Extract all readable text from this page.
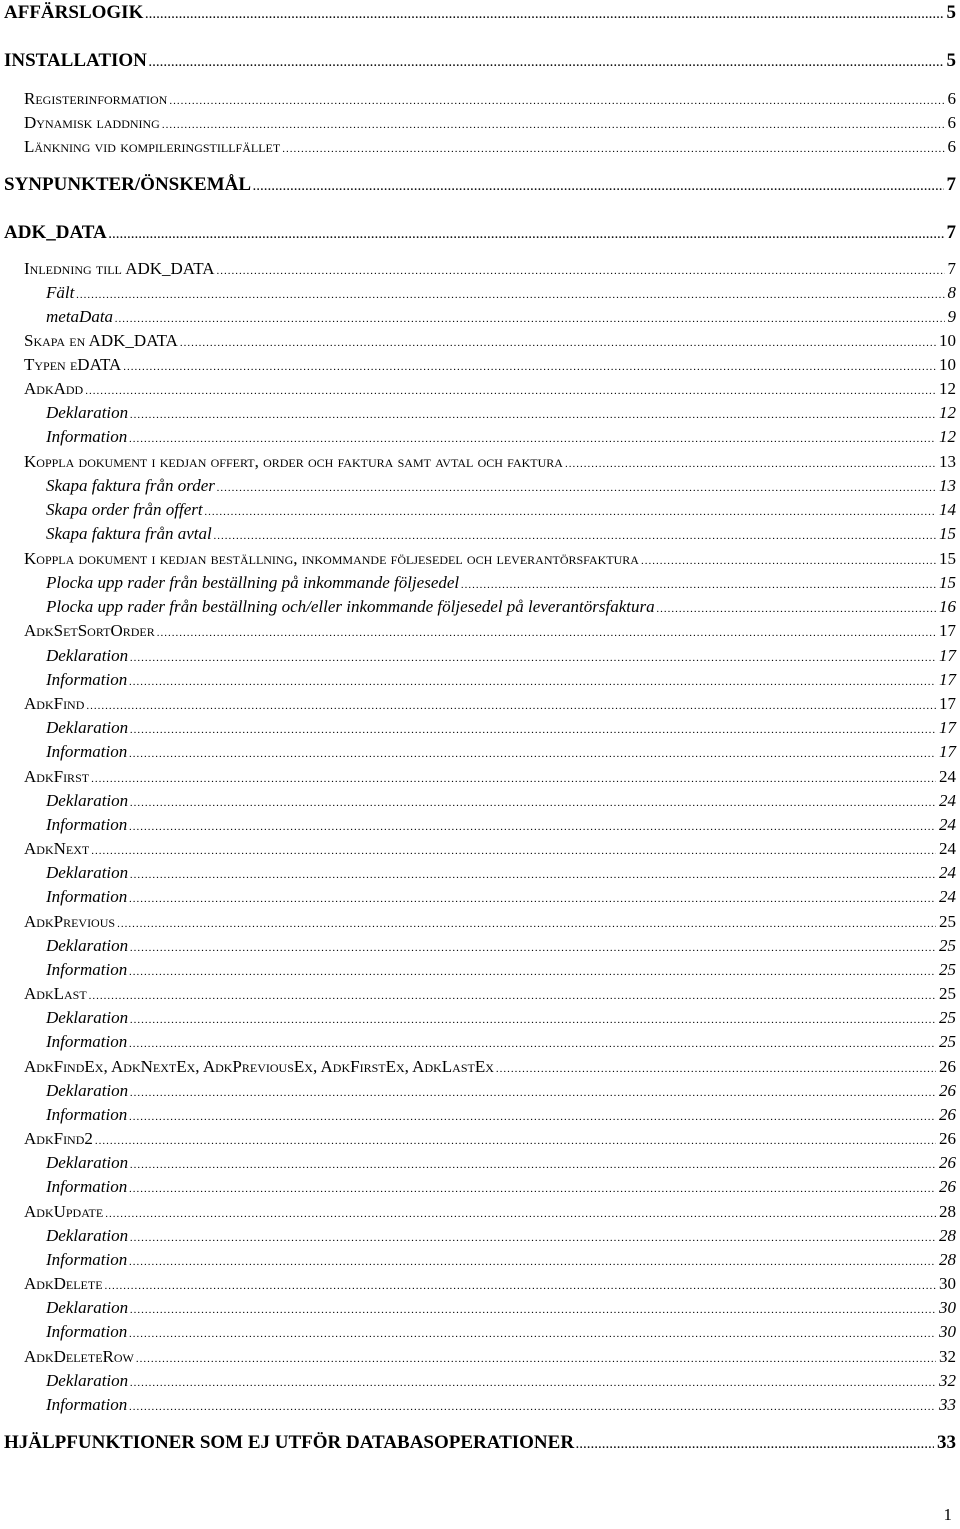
AFFÄRSLOGIK .....	5
INSTALLATION .....	5
Registerinformation .....	6
Dynamisk laddning .....	6
Länkning vid kompileringstillfället .....	6
SYNPUNKTER/ÖNSKEMÅL .....	7
ADK_DATA .....	7
Inledning till ADK_DATA .....	7
Fält .....	8
metaData .....	9
Skapa en ADK_DATA .....	10
Typen eDATA .....	10
AdkAdd .....	12
Deklaration .....	12
Information .....	12
Koppla dokument i kedjan offert, order och faktura samt avtal och faktura .....	13
Skapa faktura från order .....	13
Skapa order från offert .....	14
Skapa faktura från avtal .....	15
Koppla dokument i kedjan beställning, inkommande följesedel och leverantörsfaktura .....	15
Plocka upp rader från beställning på inkommande följesedel .....	15
Plocka upp rader från beställning och/eller inkommande följesedel på leverantörsfaktura .....	16
AdkSetSortOrder .....	17
Deklaration .....	17
Information .....	17
AdkFind .....	17
Deklaration .....	17
Information .....	17
AdkFirst .....	24
Deklaration .....	24
Information .....	24
AdkNext .....	24
Deklaration .....	24
Information .....	24
AdkPrevious .....	25
Deklaration .....	25
Information .....	25
AdkLast .....	25
Deklaration .....	25
Information .....	25
AdkFindEx, AdkNextEx, AdkPreviousEx, AdkFirstEx, AdkLastEx .....	26
Deklaration .....	26
Information .....	26
AdkFind2 .....	26
Deklaration .....	26
Information .....	26
AdkUpdate .....	28
Deklaration .....	28
Information .....	28
AdkDelete .....	30
Deklaration .....	30
Information .....	30
AdkDeleteRow .....	32
Deklaration .....	32
Information .....	33
HJÄLPFUNKTIONER SOM EJ UTFÖR DATABASOPERATIONER .....	33
1
